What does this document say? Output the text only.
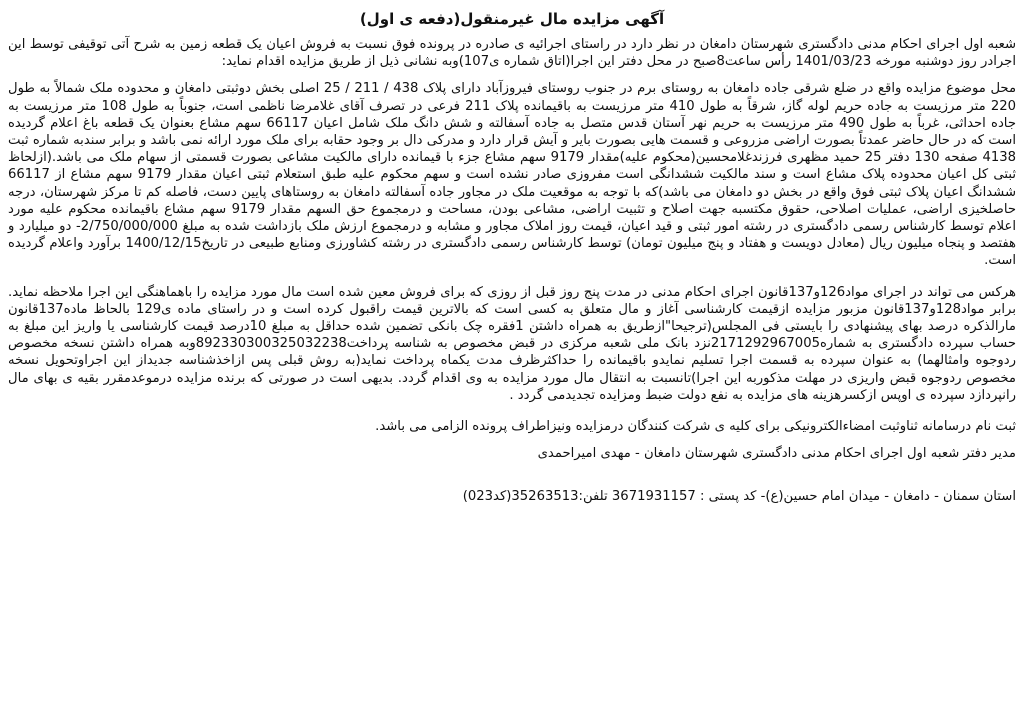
آگهی مزایده مال غیرمنقول(دفعه ی اول)

شعبه اول اجرای احکام مدنی دادگستری شهرستان دامغان در نظر دارد در راستای اجرائیه ی صادره در پرونده فوق نسبت به فروش اعیان یک قطعه زمین به شرح آتی توقیفی توسط این اجرادر روز دوشنبه مورخه 1401/03/23 رأس ساعت8صبح در محل دفتر این اجرا(اتاق شماره ی107)وبه نشانی ذیل از طریق مزایده اقدام نماید:

محل موضوع مزایده واقع در ضلع شرقی جاده دامغان به روستای برم در جنوب روستای فیروزآباد دارای پلاک 438 / 211 / 25 اصلی بخش دوثبتی دامغان و محدوده ملک شمالاً به طول 220 متر مرزیست به جاده حریم لوله گاز، شرقاً به طول 410 متر مرزیست به باقیمانده پلاک 211 فرعی در تصرف آقای غلامرضا ناظمی است، جنوباً به طول 108 متر مرزیست به جاده احداثی، غرباً به طول 490 متر مرزیست به حریم نهر آستان قدس متصل به جاده آسفالته و شش دانگ ملک شامل اعیان 66117 سهم مشاع بعنوان یک قطعه باغ اعلام گردیده است که در حال حاضر عمدتاً بصورت اراضی مزروعی و قسمت هایی بصورت بایر و آیش قرار دارد و مدرکی دال بر وجود حقابه برای ملک مورد ارائه نمی باشد و برابر سندبه شماره ثبت 4138 صفحه 130 دفتر 25 حمید مظهری فرزندغلامحسین(محکوم علیه)مقدار 9179 سهم مشاع جزء با قیمانده دارای مالکیت مشاعی بصورت قسمتی از سهام ملک می باشد.(ازلحاظ ثبتی کل اعیان محدوده پلاک مشاع است و سند مالکیت ششدانگی است مفروزی صادر نشده است و سهم محکوم علیه طبق استعلام ثبتی اعیان مقدار 9179 سهم مشاع از 66117 ششدانگ اعیان پلاک ثبتی فوق واقع در بخش دو دامغان می باشد)که با توجه به موقعیت ملک در مجاور جاده آسفالته دامغان به روستاهای پایین دست، فاصله کم تا مرکز شهرستان، درجه حاصلخیزی اراضی، عملیات اصلاحی، حقوق مکتسبه جهت اصلاح و تثبیت اراضی، مشاعی بودن، مساحت و درمجموع حق السهم مقدار 9179 سهم مشاع باقیمانده محکوم علیه مورد اعلام توسط کارشناس رسمی دادگستری در رشته امور ثبتی و قید اعیان، قیمت روز املاک مجاور و مشابه و درمجموع ارزش ملک بازداشت شده به مبلغ 2/750/000/000- دو میلیارد و هفتصد و پنجاه میلیون ریال (معادل دویست و هفتاد و پنج میلیون تومان) توسط کارشناس رسمی دادگستری در رشته کشاورزی ومنابع طبیعی در تاریخ1400/12/15 برآورد واعلام گردیده است.

هرکس می تواند در اجرای مواد126و137قانون اجرای احکام مدنی در مدت پنج روز قبل از روزی که برای فروش معین شده است مال مورد مزایده را باهماهنگی این اجرا ملاحظه نماید. برابر مواد128و137قانون مزبور مزایده ازقیمت کارشناسی آغاز و مال متعلق به کسی است که بالاترین قیمت راقبول کرده است و در راستای ماده ی129 بالحاظ ماده137قانون مارالذکره درصد بهای پیشنهادی را بایستی فی المجلس(ترجیحا"ازطریق به همراه داشتن 1فقره چک بانکی تضمین شده حداقل به مبلغ 10درصد قیمت کارشناسی یا واریز این مبلغ به حساب سپرده دادگستری به شماره2171292967005نزد بانک ملی شعبه مرکزی در قبض مخصوص به شناسه پرداخت892330300325032238وبه همراه داشتن نسخه مخصوص ردوجوه وامثالهما) به عنوان سپرده به قسمت اجرا تسلیم نمایدو باقیمانده را حداکثرظرف مدت یکماه پرداخت نماید(به روش قبلی پس ازاخذشناسه جدیداز این اجراوتحویل نسخه مخصوص ردوجوه قبض واریزی در مهلت مذکوربه این اجرا)تانسبت به انتقال مال مورد مزایده به وی اقدام گردد. بدیهی است در صورتی که برنده مزایده درموعدمقرر بقیه ی بهای مال رانپردازد سپرده ی اوپس ازکسرهزینه های مزایده به نفع دولت ضبط ومزایده تجدیدمی گردد .

ثبت نام درسامانه ثناوثبت امضاءالکترونیکی برای کلیه ی شرکت کنندگان درمزایده ونیزاطراف پرونده الزامی می باشد.

مدیر دفتر شعبه اول اجرای احکام مدنی دادگستری شهرستان دامغان - مهدی امیراحمدی
استان سمنان - دامغان - میدان امام حسین(ع)- کد پستی : 3671931157 تلفن:35263513(کد023)
